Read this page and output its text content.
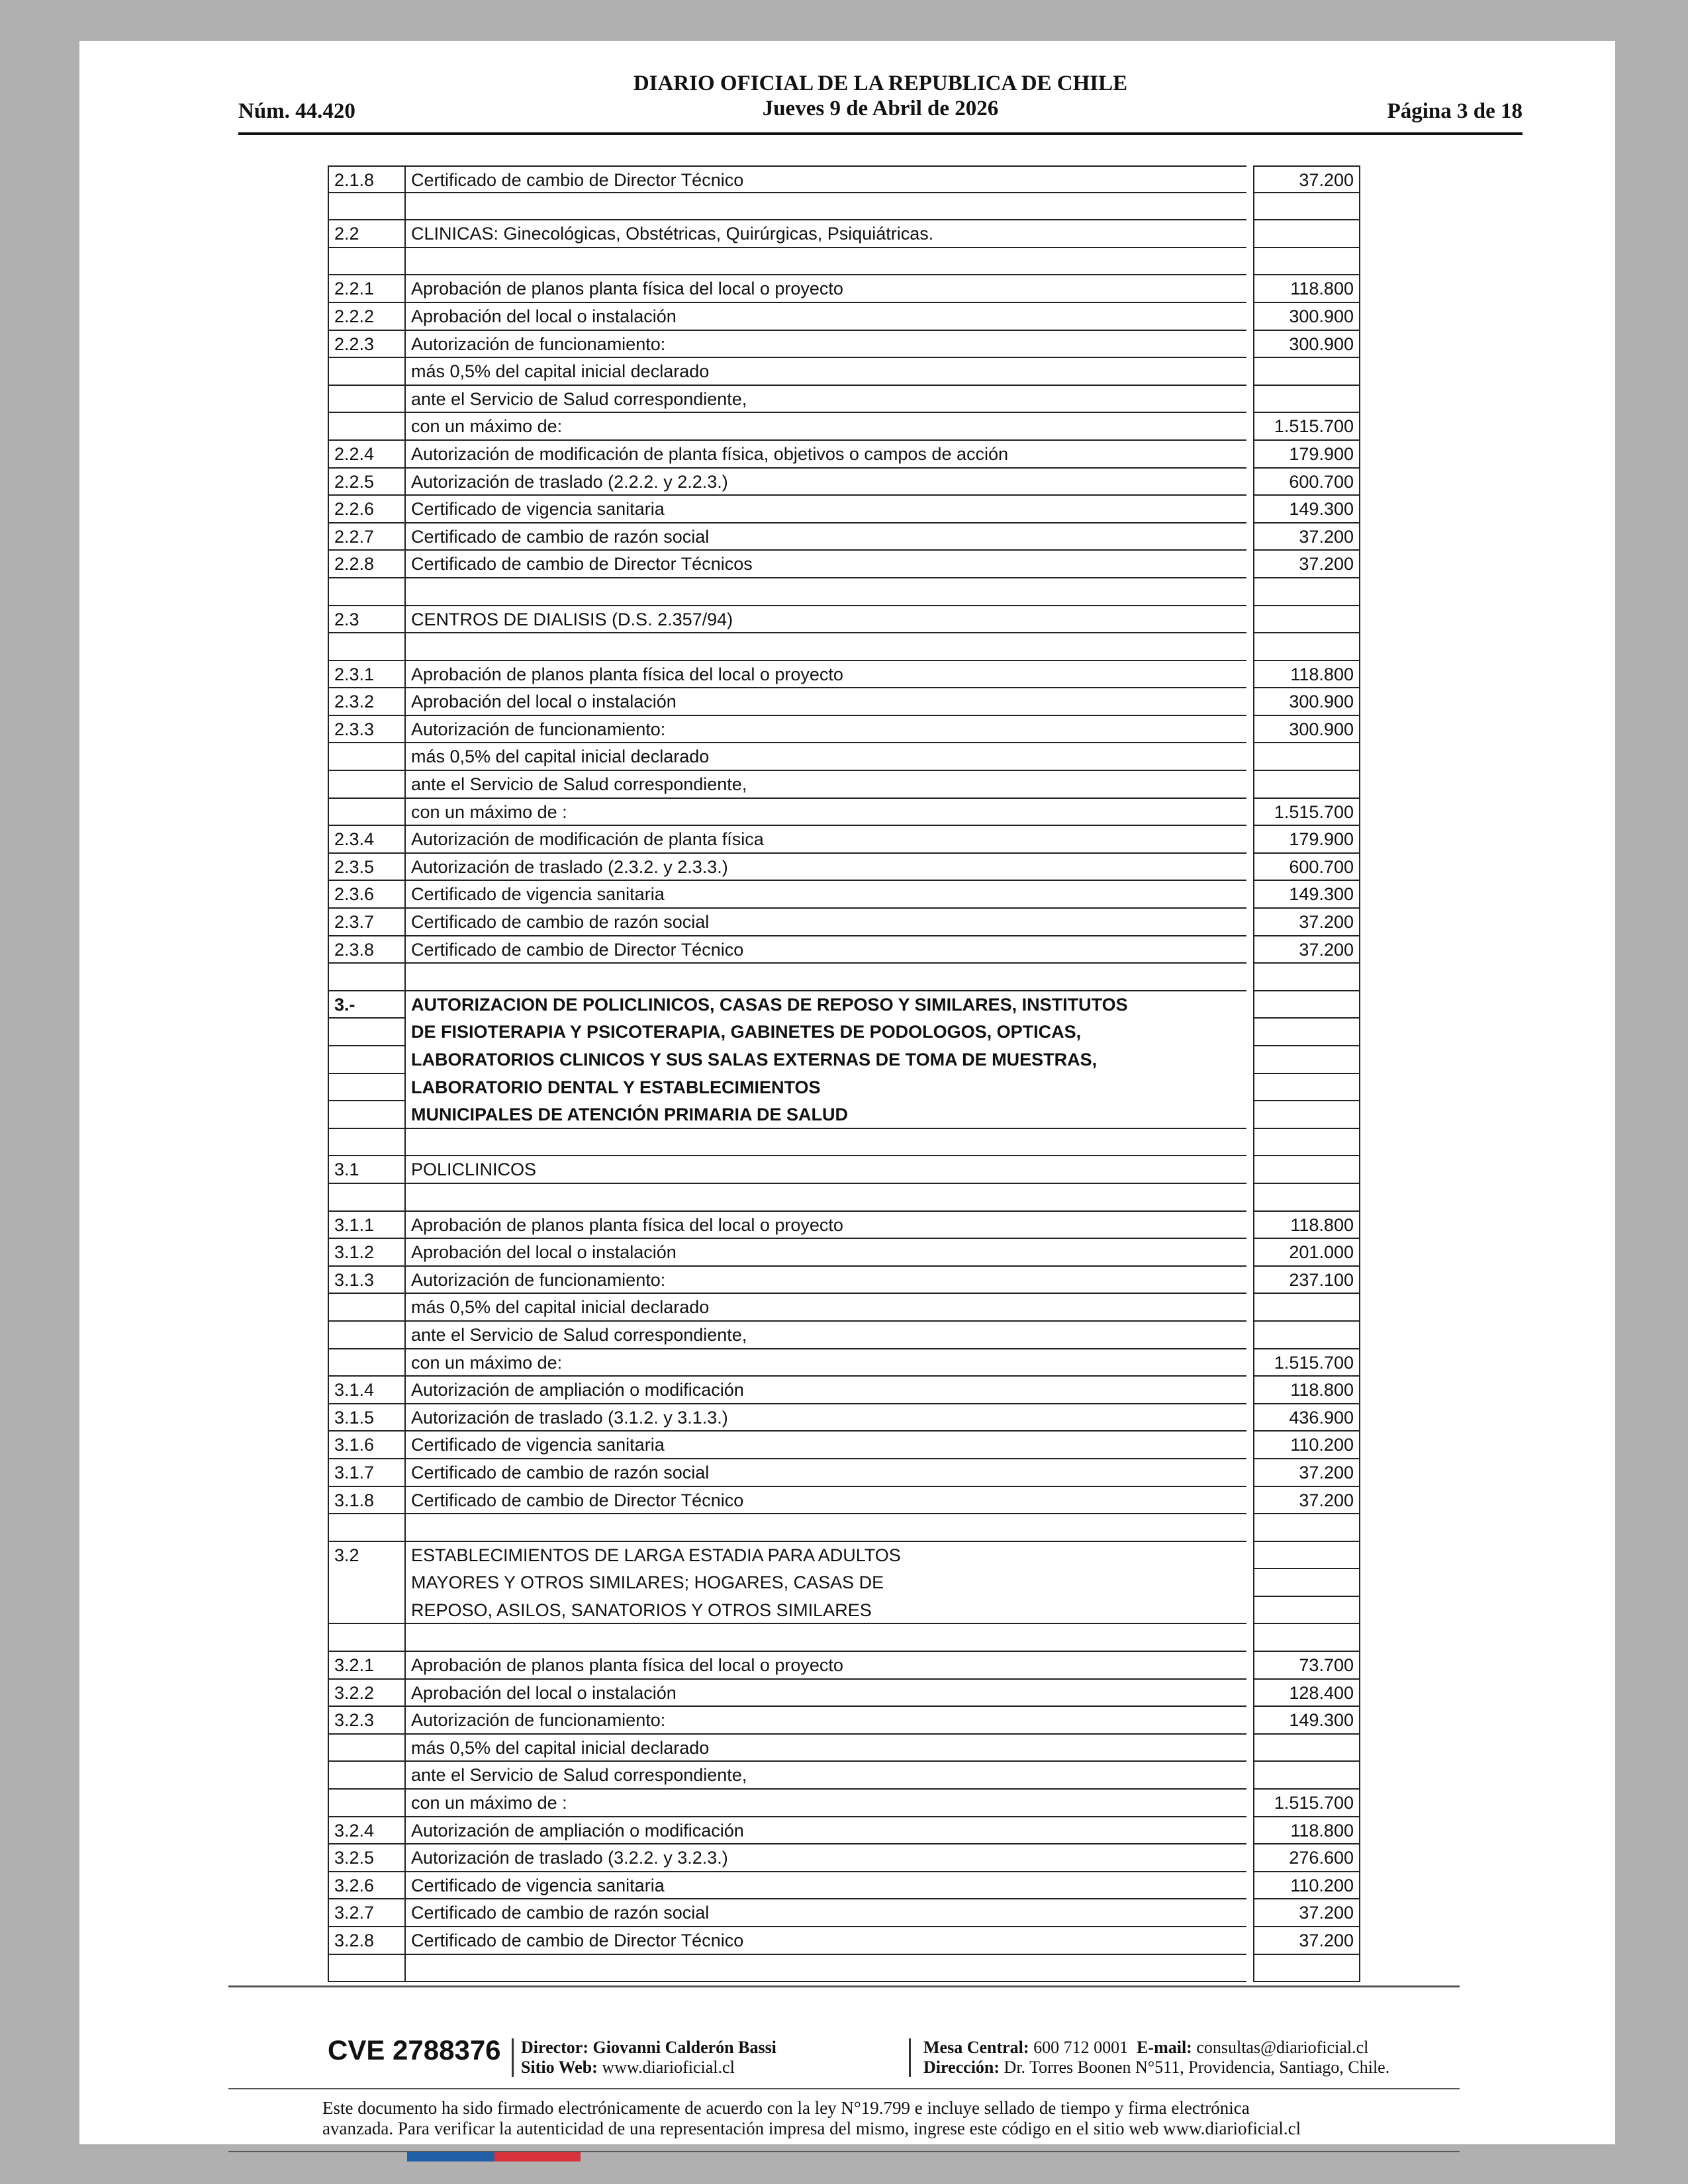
DIARIO OFICIAL DE LA REPUBLICA DE CHILE
Jueves 9 de Abril de 2026
Núm. 44.420	Página 3 de 18
2.1.8	Certificado de cambio de Director Técnico	37.200
2.2	CLINICAS: Ginecológicas, Obstétricas, Quirúrgicas, Psiquiátricas.
2.2.1	Aprobación de planos planta física del local o proyecto	118.800
2.2.2	Aprobación del local o instalación	300.900
2.2.3	Autorización de funcionamiento:	300.900
más 0,5% del capital inicial declarado
ante el Servicio de Salud correspondiente,
con un máximo de:	1.515.700
2.2.4	Autorización de modificación de planta física, objetivos o campos de acción	179.900
2.2.5	Autorización de traslado (2.2.2. y 2.2.3.)	600.700
2.2.6	Certificado de vigencia sanitaria	149.300
2.2.7	Certificado de cambio de razón social	37.200
2.2.8	Certificado de cambio de Director Técnicos	37.200
2.3	CENTROS DE DIALISIS (D.S. 2.357/94)
2.3.1	Aprobación de planos planta física del local o proyecto	118.800
2.3.2	Aprobación del local o instalación	300.900
2.3.3	Autorización de funcionamiento:	300.900
más 0,5% del capital inicial declarado
ante el Servicio de Salud correspondiente,
con un máximo de :	1.515.700
2.3.4	Autorización de modificación de planta física	179.900
2.3.5	Autorización de traslado (2.3.2. y 2.3.3.)	600.700
2.3.6	Certificado de vigencia sanitaria	149.300
2.3.7	Certificado de cambio de razón social	37.200
2.3.8	Certificado de cambio de Director Técnico	37.200
3.-	AUTORIZACION DE POLICLINICOS, CASAS DE REPOSO Y SIMILARES, INSTITUTOS
DE FISIOTERAPIA Y PSICOTERAPIA, GABINETES DE PODOLOGOS, OPTICAS,
LABORATORIOS CLINICOS Y SUS SALAS EXTERNAS DE TOMA DE MUESTRAS,
LABORATORIO DENTAL Y ESTABLECIMIENTOS
MUNICIPALES DE ATENCIÓN PRIMARIA DE SALUD
3.1	POLICLINICOS
3.1.1	Aprobación de planos planta física del local o proyecto	118.800
3.1.2	Aprobación del local o instalación	201.000
3.1.3	Autorización de funcionamiento:	237.100
más 0,5% del capital inicial declarado
ante el Servicio de Salud correspondiente,
con un máximo de:	1.515.700
3.1.4	Autorización de ampliación o modificación	118.800
3.1.5	Autorización de traslado (3.1.2. y 3.1.3.)	436.900
3.1.6	Certificado de vigencia sanitaria	110.200
3.1.7	Certificado de cambio de razón social	37.200
3.1.8	Certificado de cambio de Director Técnico	37.200
3.2	ESTABLECIMIENTOS DE LARGA ESTADIA PARA ADULTOS
MAYORES Y OTROS SIMILARES; HOGARES, CASAS DE
REPOSO, ASILOS, SANATORIOS Y OTROS SIMILARES
3.2.1	Aprobación de planos planta física del local o proyecto	73.700
3.2.2	Aprobación del local o instalación	128.400
3.2.3	Autorización de funcionamiento:	149.300
más 0,5% del capital inicial declarado
ante el Servicio de Salud correspondiente,
con un máximo de :	1.515.700
3.2.4	Autorización de ampliación o modificación	118.800
3.2.5	Autorización de traslado (3.2.2. y 3.2.3.)	276.600
3.2.6	Certificado de vigencia sanitaria	110.200
3.2.7	Certificado de cambio de razón social	37.200
3.2.8	Certificado de cambio de Director Técnico	37.200
CVE 2788376 Director: Giovanni Calderón Bassi
Sitio Web: www.diarioficial.cl
Mesa Central: 600 712 0001 E-mail: consultas@diarioficial.cl
Dirección: Dr. Torres Boonen N°511, Providencia, Santiago, Chile.
Este documento ha sido firmado electrónicamente de acuerdo con la ley N°19.799 e incluye sellado de tiempo y firma electrónica
avanzada. Para verificar la autenticidad de una representación impresa del mismo, ingrese este código en el sitio web www.diarioficial.cl
